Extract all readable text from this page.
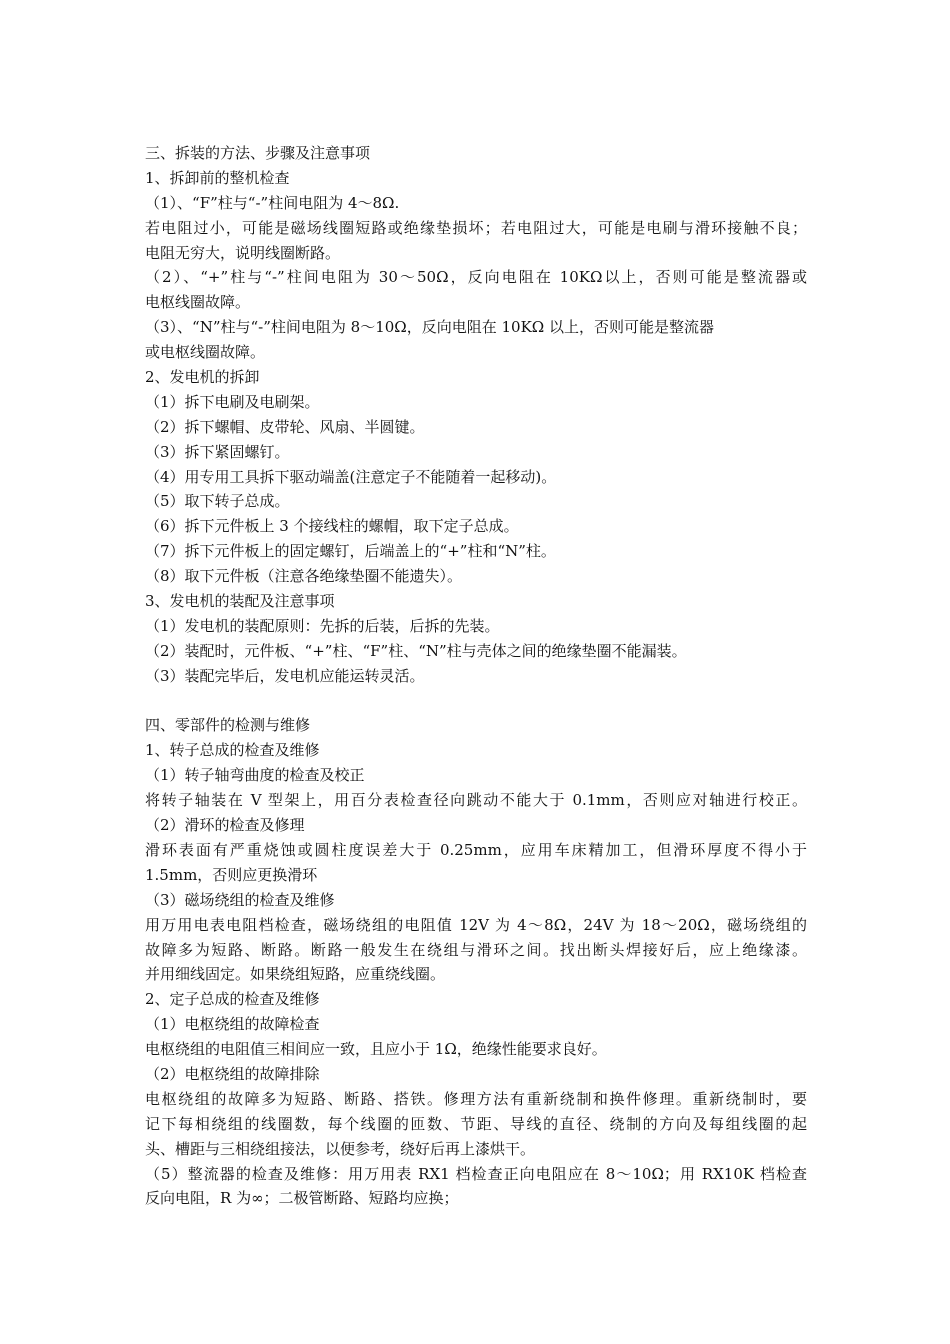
三、拆装的方法、步骤及注意事项
1、拆卸前的整机检查
（1）、“F”柱与“-”柱间电阻为 4～8Ω.
若电阻过小，可能是磁场线圈短路或绝缘垫损坏；若电阻过大，可能是电刷与滑环接触不良；
电阻无穷大，说明线圈断路。
（2）、“+”柱与“-”柱间电阻为 30～50Ω，反向电阻在 10KΩ以上，否则可能是整流器或
电枢线圈故障。
（3）、“N”柱与“-”柱间电阻为 8～10Ω，反向电阻在 10KΩ 以上，否则可能是整流器
或电枢线圈故障。
2、发电机的拆卸
（1）拆下电刷及电刷架。
（2）拆下螺帽、皮带轮、风扇、半圆键。
（3）拆下紧固螺钉。
（4）用专用工具拆下驱动端盖(注意定子不能随着一起移动)。
（5）取下转子总成。
（6）拆下元件板上 3 个接线柱的螺帽，取下定子总成。
（7）拆下元件板上的固定螺钉，后端盖上的“+”柱和“N”柱。
（8）取下元件板（注意各绝缘垫圈不能遗失）。
3、发电机的装配及注意事项
（1）发电机的装配原则：先拆的后装，后拆的先装。
（2）装配时，元件板、“+”柱、“F”柱、“N”柱与壳体之间的绝缘垫圈不能漏装。
（3）装配完毕后，发电机应能运转灵活。
四、零部件的检测与维修
1、转子总成的检查及维修
（1）转子轴弯曲度的检查及校正
将转子轴装在 V 型架上，用百分表检查径向跳动不能大于 0.1mm，否则应对轴进行校正。
（2）滑环的检查及修理
滑环表面有严重烧蚀或圆柱度误差大于 0.25mm，应用车床精加工，但滑环厚度不得小于
1.5mm，否则应更换滑环
（3）磁场绕组的检查及维修
用万用电表电阻档检查，磁场绕组的电阻值 12V 为 4～8Ω，24V 为 18～20Ω，磁场绕组的
故障多为短路、断路。断路一般发生在绕组与滑环之间。找出断头焊接好后，应上绝缘漆。
并用细线固定。如果绕组短路，应重绕线圈。
2、定子总成的检查及维修
（1）电枢绕组的故障检查
电枢绕组的电阻值三相间应一致，且应小于 1Ω，绝缘性能要求良好。
（2）电枢绕组的故障排除
电枢绕组的故障多为短路、断路、搭铁。修理方法有重新绕制和换件修理。重新绕制时，要
记下每相绕组的线圈数，每个线圈的匝数、节距、导线的直径、绕制的方向及每组线圈的起
头、槽距与三相绕组接法，以便参考，绕好后再上漆烘干。
（5）整流器的检查及维修：用万用表 RX1 档检查正向电阻应在 8～10Ω；用 RX10K 档检查
反向电阻，R 为∞；二极管断路、短路均应换；
